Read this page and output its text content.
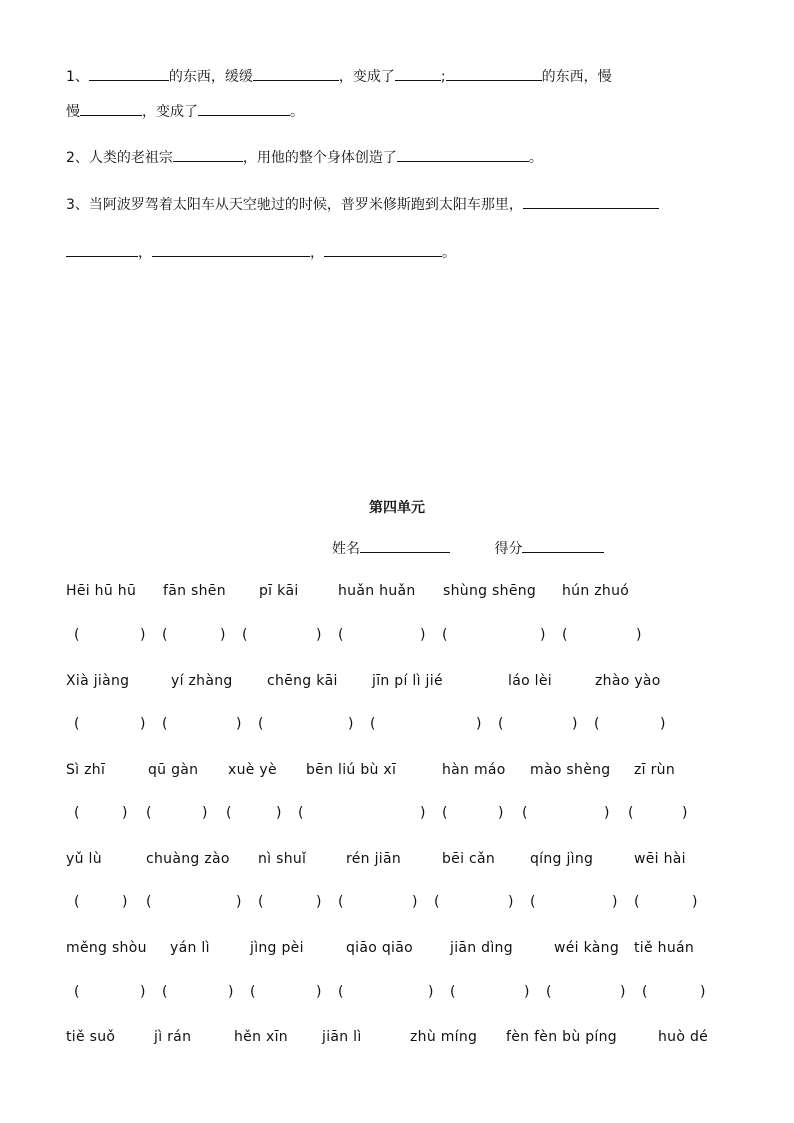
1、	的东西，缓缓	，变成了	;	的东西，慢
慢	，变成了	。
2、人类的老祖宗	，用他的整个身体创造了	。
3、当阿波罗驾着太阳车从天空驰过的时候，普罗米修斯跑到太阳车那里，
，	，	。
第四单元
姓名	得分
Hēi hū hū fān shēn pī kāi	huǎn huǎn shùng shēng hún zhuó
(	) (	) (	) (	) (	) (	)
Xià jiàng	yí zhàng chēng kāi jīn pí lì jié	láo lèi	zhào yào
(	) (	) (	) (	) (	) (	)
Sì zhī	qū gàn xuè yè bēn liú bù xī	hàn máo mào shèng zī rùn
(	) (	) (	) (	) (	) (	) (	)
yǔ lù	chuàng zào nì shuǐ	rén jiān	bēi cǎn qíng jìng	wēi hài
(	) (	) (	) (	) (	) (	) (	)
měng shòu yán lì	jìng pèi	qiāo qiāo	jiān dìng	wéi kàng tiě huán
(	) (	) (	) (	) (	) (	) (	)
tiě suǒ	jì rán	hěn xīn jiān lì	zhù míng fèn fèn bù píng	huò dé
